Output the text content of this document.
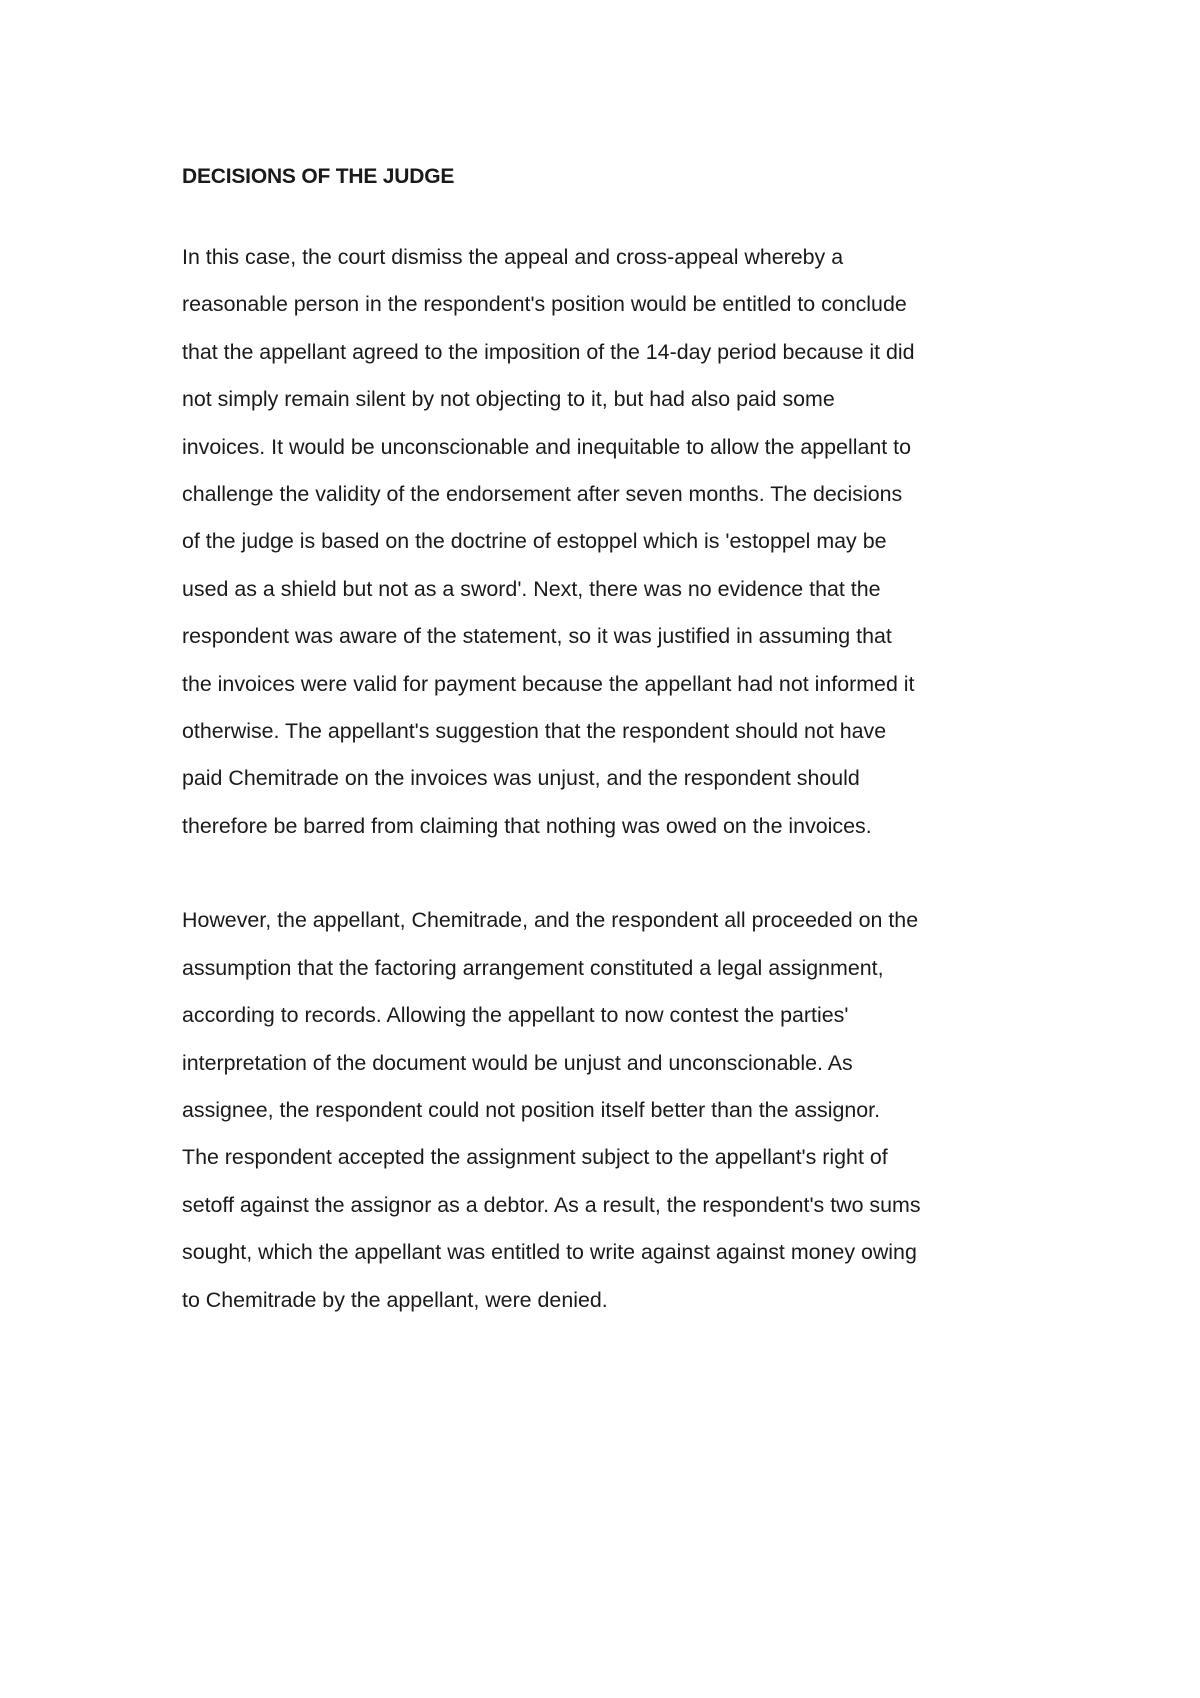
DECISIONS OF THE JUDGE
In this case, the court dismiss the appeal and cross-appeal whereby a
reasonable person in the respondent's position would be entitled to conclude
that the appellant agreed to the imposition of the 14-day period because it did
not simply remain silent by not objecting to it, but had also paid some
invoices. It would be unconscionable and inequitable to allow the appellant to
challenge the validity of the endorsement after seven months. The decisions
of the judge is based on the doctrine of estoppel which is 'estoppel may be
used as a shield but not as a sword'. Next, there was no evidence that the
respondent was aware of the statement, so it was justified in assuming that
the invoices were valid for payment because the appellant had not informed it
otherwise. The appellant's suggestion that the respondent should not have
paid Chemitrade on the invoices was unjust, and the respondent should
therefore be barred from claiming that nothing was owed on the invoices.
However, the appellant, Chemitrade, and the respondent all proceeded on the
assumption that the factoring arrangement constituted a legal assignment,
according to records. Allowing the appellant to now contest the parties'
interpretation of the document would be unjust and unconscionable. As
assignee, the respondent could not position itself better than the assignor.
The respondent accepted the assignment subject to the appellant's right of
setoff against the assignor as a debtor. As a result, the respondent's two sums
sought, which the appellant was entitled to write against against money owing
to Chemitrade by the appellant, were denied.
